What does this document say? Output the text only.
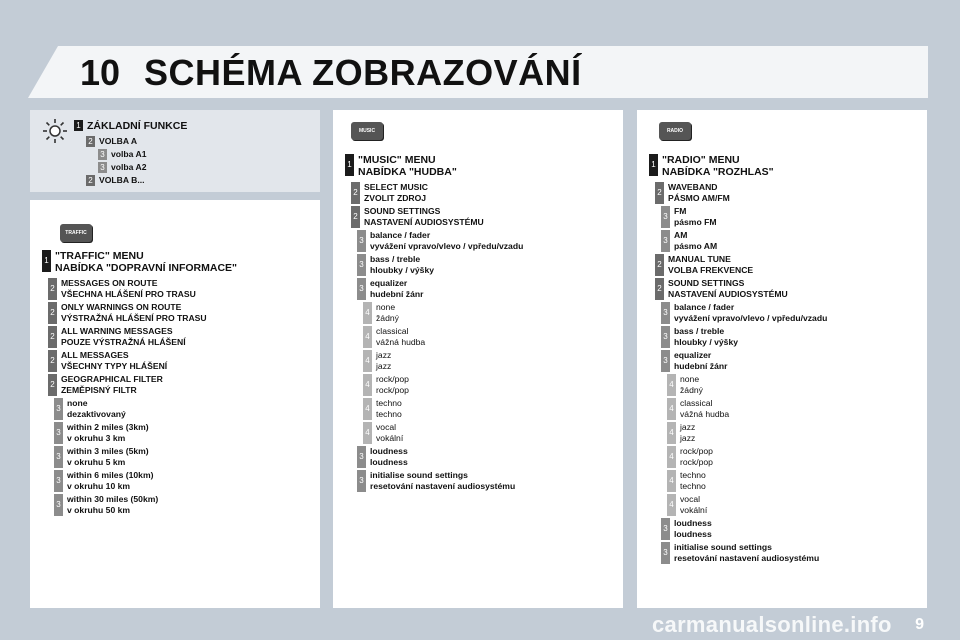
10 SCHÉMA ZOBRAZOVÁNÍ
1 ZÁKLADNÍ FUNKCE
2 VOLBA A
3 volba A1
3 volba A2
2 VOLBA B...
TRAFFIC
1 "TRAFFIC" MENU
NABÍDKA "DOPRAVNÍ INFORMACE"
2
MESSAGES ON ROUTE
VŠECHNA HLÁŠENÍ PRO TRASU
2
ONLY WARNINGS ON ROUTE
VÝSTRAŽNÁ HLÁŠENÍ PRO TRASU
2
ALL WARNING MESSAGES
POUZE VÝSTRAŽNÁ HLÁŠENÍ
2
ALL MESSAGES
VŠECHNY TYPY HLÁŠENÍ
2
GEOGRAPHICAL FILTER
ZEMĚPISNÝ FILTR
3
none
dezaktivovaný
3
within 2 miles (3km)
v okruhu 3 km
3
within 3 miles (5km)
v okruhu 5 km
3
within 6 miles (10km)
v okruhu 10 km
3
within 30 miles (50km)
v okruhu 50 km
MUSIC
1 "MUSIC" MENU
NABÍDKA "HUDBA"
2
SELECT MUSIC
ZVOLIT ZDROJ
2
SOUND SETTINGS
NASTAVENÍ AUDIOSYSTÉMU
3
balance / fader
vyvážení vpravo/vlevo / vpředu/vzadu
3
bass / treble
hloubky / výšky
3
equalizer
hudební žánr
4
none
žádný
4
classical
vážná hudba
4
jazz
jazz
4
rock/pop
rock/pop
4
techno
techno
4
vocal
vokální
3
loudness
loudness
3
initialise sound settings
resetování nastavení audiosystému
RADIO
1 "RADIO" MENU
NABÍDKA "ROZHLAS"
2
WAVEBAND
PÁSMO AM/FM
3
FM
pásmo FM
3
AM
pásmo AM
2
MANUAL TUNE
VOLBA FREKVENCE
2
SOUND SETTINGS
NASTAVENÍ AUDIOSYSTÉMU
3
balance / fader
vyvážení vpravo/vlevo / vpředu/vzadu
3
bass / treble
hloubky / výšky
3
equalizer
hudební žánr
4
none
žádný
4
classical
vážná hudba
4
jazz
jazz
4
rock/pop
rock/pop
4
techno
techno
4
vocal
vokální
3
loudness
loudness
3
initialise sound settings
resetování nastavení audiosystému
9
carmanualsonline.info
